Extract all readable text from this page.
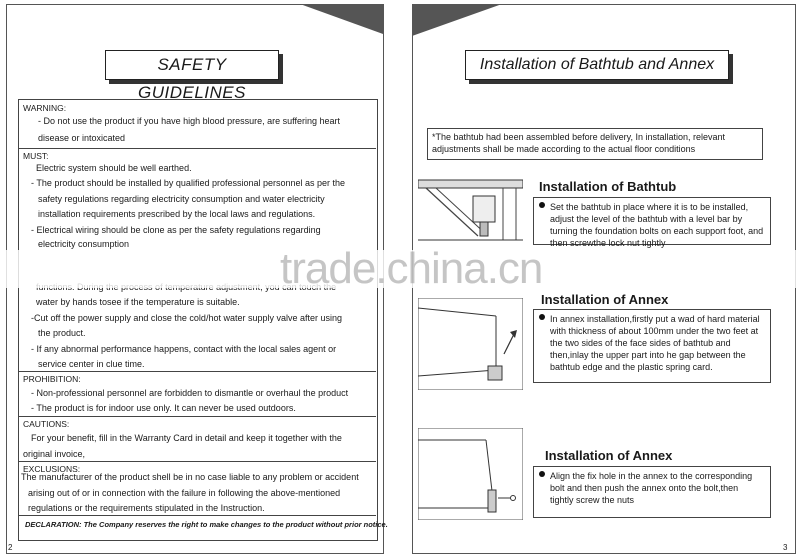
SAFETY GUIDELINES
WARNING:
- Do not use the product if you have high blood pressure, are suffering heart
disease or intoxicated
MUST:
Electric system should be well earthed.
- The product should be installed by qualified professional personnel as per the
safety regulations regarding electricity consumption and water electricity
installation requirements prescribed by the local laws and regulations.
- Electrical wiring should be clone as per the safety regulations regarding
electricity consumption
water by hands tosee if the temperature is suitable.
-Cut off the power supply and close the cold/hot water supply valve after using
the product.
- If any abnormal performance happens, contact with the local sales agent or
service center in clue time.
PROHIBITION:
- Non-professional personnel are forbidden to dismantle or overhaul the product
- The product is for indoor use only. It can never be used outdoors.
CAUTIONS:
For your benefit, fill in the Warranty Card in detail and keep it together with the
original invoice,
EXCLUSIONS:
The manufacturer of the product shell be in no case liable to any problem or accident
arising out of or in connection with the failure in following the above-mentioned
regulations or the requirements stipulated in the Instruction.
DECLARATION: The Company reserves the right to make changes to the product without prior notice.
2
Installation of Bathtub and Annex
*The bathtub had been assembled before delivery, In installation, relevant adjustments shall be made according to the actual floor conditions
Installation of Bathtub
Set the bathtub in place where it is to be installed, adjust the level of the bathtub with a level bar by turning the foundation bolts on each support foot, and then screwthe lock nut tightly
Installation of Annex
In annex installation,firstly put a wad of hard material with thickness of about 100mm under the two feet at the two sides of the face sides of bathtub and then,inlay the upper part into he gap between the bathtub edge and the plastic spring card.
Installation of Annex
Align the fix hole in the annex to the corresponding bolt and then push the annex onto the bolt,then tightly screw the nuts
3
trade.china.cn
